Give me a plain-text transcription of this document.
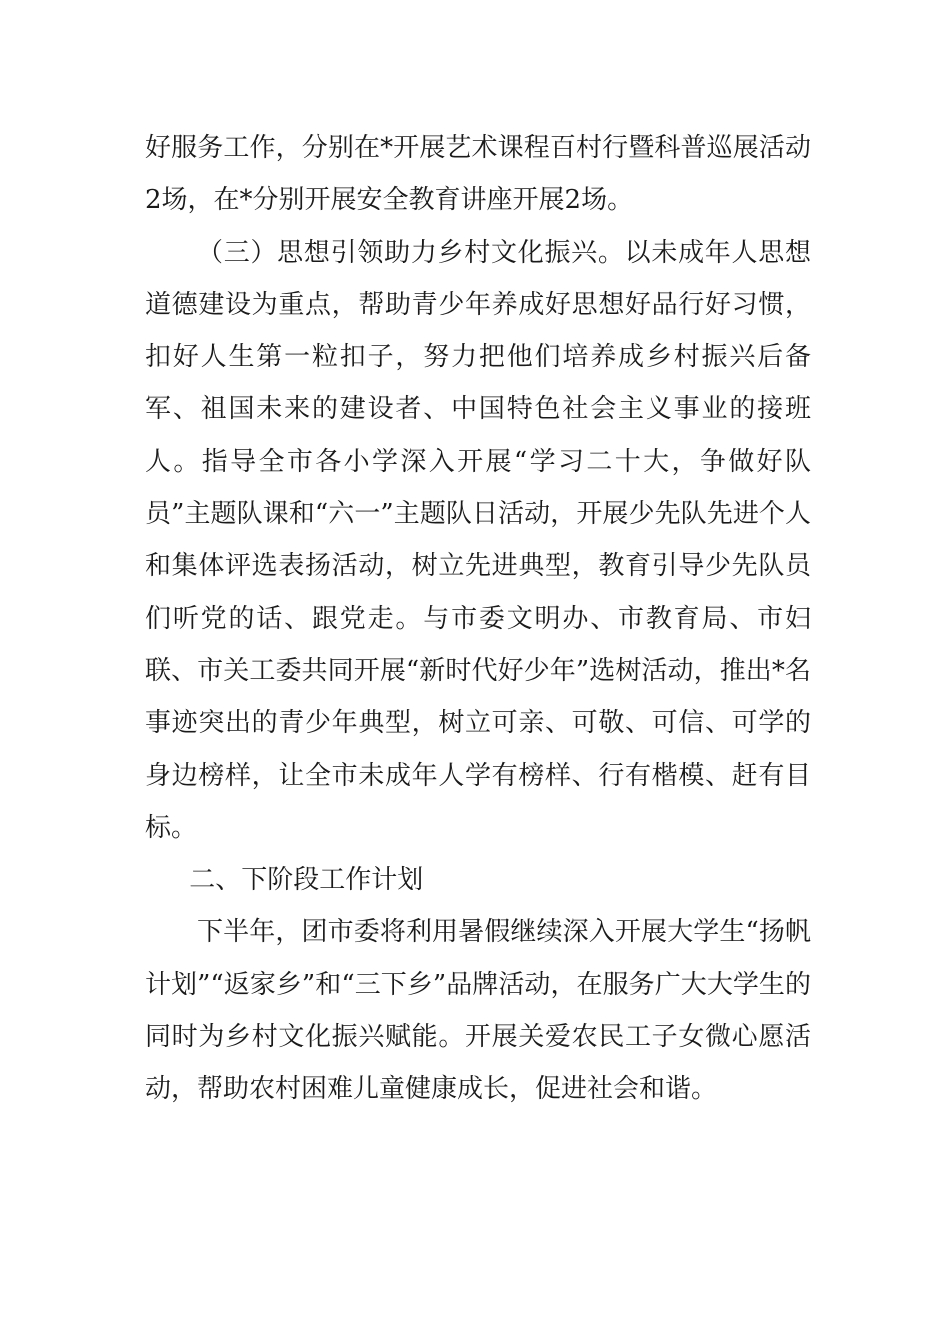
好服务工作，分别在*开展艺术课程百村行暨科普巡展活动2场，在*分别开展安全教育讲座开展2场。

（三）思想引领助力乡村文化振兴。以未成年人思想道德建设为重点，帮助青少年养成好思想好品行好习惯，扣好人生第一粒扣子，努力把他们培养成乡村振兴后备军、祖国未来的建设者、中国特色社会主义事业的接班人。指导全市各小学深入开展“学习二十大，争做好队员”主题队课和“六一”主题队日活动，开展少先队先进个人和集体评选表扬活动，树立先进典型，教育引导少先队员们听党的话、跟党走。与市委文明办、市教育局、市妇联、市关工委共同开展“新时代好少年”选树活动，推出*名事迹突出的青少年典型，树立可亲、可敬、可信、可学的身边榜样，让全市未成年人学有榜样、行有楷模、赶有目标。

二、下阶段工作计划

下半年，团市委将利用暑假继续深入开展大学生“扬帆计划”“返家乡”和“三下乡”品牌活动，在服务广大大学生的同时为乡村文化振兴赋能。开展关爱农民工子女微心愿活动，帮助农村困难儿童健康成长，促进社会和谐。
